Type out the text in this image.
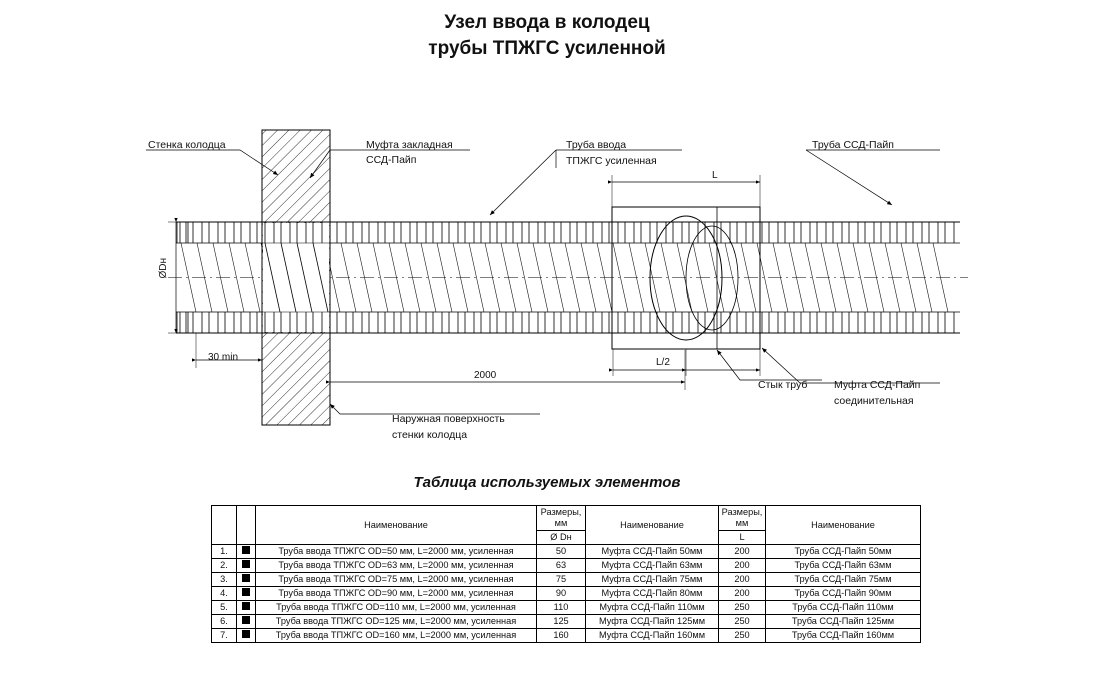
Узел ввода в колодец
трубы ТПЖГС усиленной
Стенка колодца	Муфта закладная
ССД-Пайп
Труба ввода
ТПЖГС усиленная
Труба ССД-Пайп
Наружная поверхность
стенки колодца
Стык труб	Муфта ССД-Пайп
соединительная
ØDн
30 min
2000
L
L/2
Таблица используемых элементов
		Наименование	Размеры, мм	Наименование	Размеры, мм	Наименование
			Ø Dн		L	
1.		Труба ввода ТПЖГС OD=50 мм, L=2000 мм, усиленная	50	Муфта ССД-Пайп 50мм	200	Труба ССД-Пайп 50мм
2.		Труба ввода ТПЖГС OD=63 мм, L=2000 мм, усиленная	63	Муфта ССД-Пайп 63мм	200	Труба ССД-Пайп 63мм
3.		Труба ввода ТПЖГС OD=75 мм, L=2000 мм, усиленная	75	Муфта ССД-Пайп 75мм	200	Труба ССД-Пайп 75мм
4.		Труба ввода ТПЖГС OD=90 мм, L=2000 мм, усиленная	90	Муфта ССД-Пайп 80мм	200	Труба ССД-Пайп 90мм
5.		Труба ввода ТПЖГС OD=110 мм, L=2000 мм, усиленная	110	Муфта ССД-Пайп 110мм	250	Труба ССД-Пайп 110мм
6.		Труба ввода ТПЖГС OD=125 мм, L=2000 мм, усиленная	125	Муфта ССД-Пайп 125мм	250	Труба ССД-Пайп 125мм
7.		Труба ввода ТПЖГС OD=160 мм, L=2000 мм, усиленная	160	Муфта ССД-Пайп 160мм	250	Труба ССД-Пайп 160мм
